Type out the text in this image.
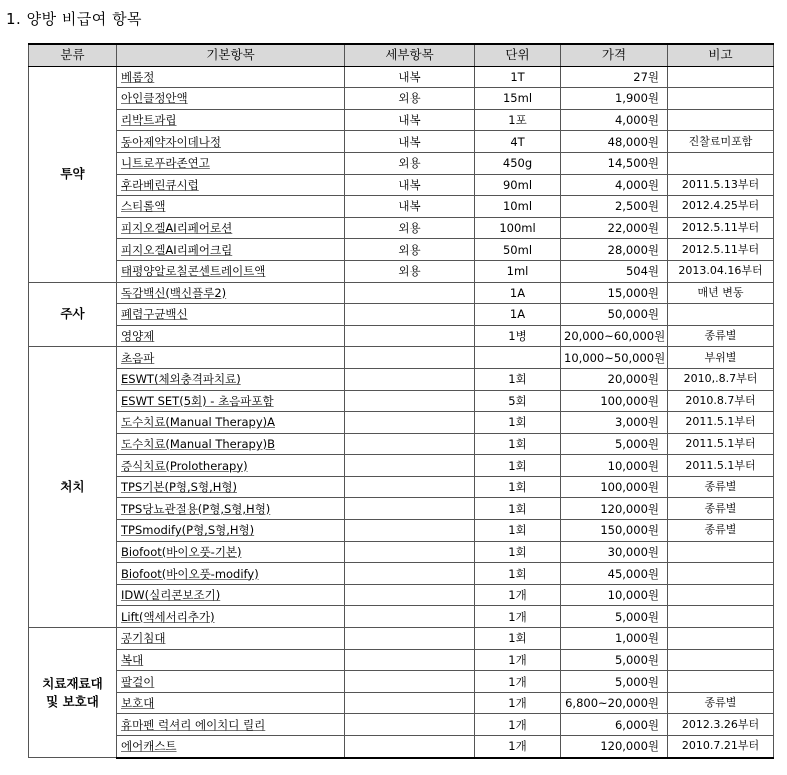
1. 양방 비급여 항목
분류	기본항목	세부항목	단위	가격	비고
투약	베롬정	내복	1T	27원	
	아인클정안액	외용	15ml	1,900원	
	리박트과립	내복	1포	4,000원	
	동아제약자이데나정	내복	4T	48,000원	진찰료미포함
	니트로푸라존연고	외용	450g	14,500원	
	후라베린큐시럽	내복	90ml	4,000원	2011.5.13부터
	스티롤액	내복	10ml	2,500원	2012.4.25부터
	피지오겔AI리페어로션	외용	100ml	22,000원	2012.5.11부터
	피지오겔AI리페어크림	외용	50ml	28,000원	2012.5.11부터
	태평양알로칠콘센트레이트액	외용	1ml	504원	2013.04.16부터
주사	독감백신(백신플루2)		1A	15,000원	매년 변동
	폐렴구균백신		1A	50,000원	
	영양제		1병	20,000~60,000원	종류별
처치	초음파			10,000~50,000원	부위별
	ESWT(체외충격파치료)		1회	20,000원	2010,.8.7부터
	ESWT SET(5회) - 초음파포함		5회	100,000원	2010.8.7부터
	도수치료(Manual Therapy)A		1회	3,000원	2011.5.1부터
	도수치료(Manual Therapy)B		1회	5,000원	2011.5.1부터
	증식치료(Prolotherapy)		1회	10,000원	2011.5.1부터
	TPS기본(P형,S형,H형)		1회	100,000원	종류별
	TPS당뇨관절용(P형,S형,H형)		1회	120,000원	종류별
	TPSmodify(P형,S형,H형)		1회	150,000원	종류별
	Biofoot(바이오풋-기본)		1회	30,000원	
	Biofoot(바이오풋-modify)		1회	45,000원	
	IDW(실리콘보조기)		1개	10,000원	
	Lift(액세서리추가)		1개	5,000원	
치료재료대
및 보호대	공기침대		1회	1,000원	
	복대		1개	5,000원	
	팔걸이		1개	5,000원	
	보호대		1개	6,800~20,000원	종류별
	휴마펜 럭셔리 에이치디 릴리		1개	6,000원	2012.3.26부터
	에어캐스트		1개	120,000원	2010.7.21부터
